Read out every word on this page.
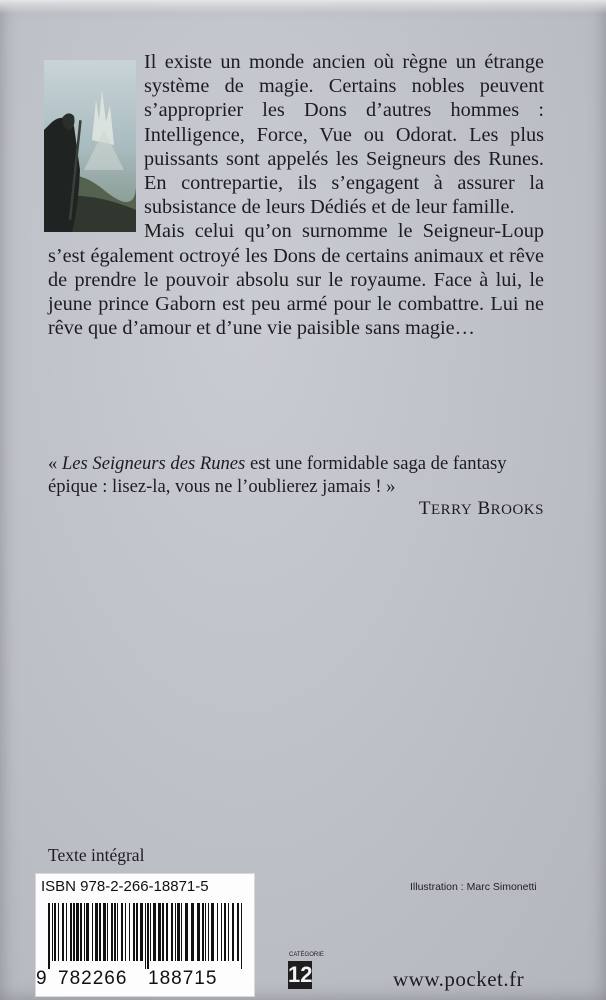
Il existe un monde ancien où règne un étrange système de magie. Certains nobles peuvent s’approprier les Dons d’autres hommes : Intelligence, Force, Vue ou Odorat. Les plus puissants sont appelés les Seigneurs des Runes. En contrepartie, ils s’engagent à assurer la subsistance de leurs Dédiés et de leur famille.

Mais celui qu’on surnomme le Seigneur-Loup s’est également octroyé les Dons de certains animaux et rêve de prendre le pouvoir absolu sur le royaume. Face à lui, le jeune prince Gaborn est peu armé pour le combattre. Lui ne rêve que d’amour et d’une vie paisible sans magie…

« Les Seigneurs des Runes est une formidable saga de fantasy épique : lisez-la, vous ne l’oublierez jamais ! »
TERRY BROOKS
Texte intégral
ISBN 978-2-266-18871-5
9 782266 188715
Illustration : Marc Simonetti
CATÉGORIE
12	www.pocket.fr
